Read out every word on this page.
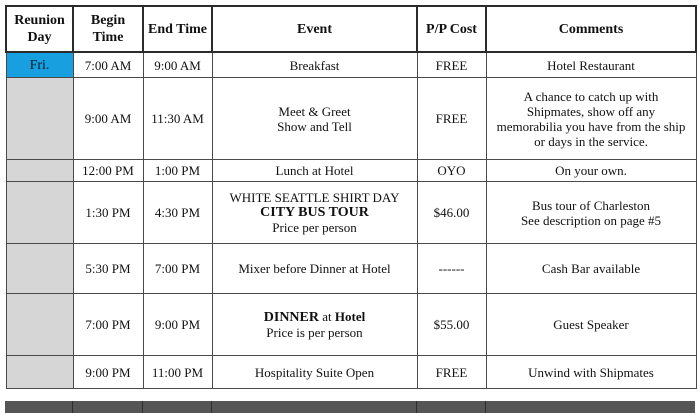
Reunion Day	Begin Time	End Time	Event	P/P Cost	Comments

Fri.	7:00 AM	9:00 AM	Breakfast	FREE	Hotel Restaurant

	9:00 AM	11:30 AM	Meet & Greet
Show and Tell	FREE	A chance to catch up with
Shipmates, show off any
memorabilia you have from the ship
or days in the service.

	12:00 PM	1:00 PM	Lunch at Hotel	OYO	On your own.

	1:30 PM	4:30 PM	WHITE SEATTLE SHIRT DAY
CITY BUS TOUR
Price per person	$46.00	Bus tour of Charleston
See description on page #5

	5:30 PM	7:00 PM	Mixer before Dinner at Hotel	------	Cash Bar available

	7:00 PM	9:00 PM	DINNER at Hotel
Price is per person	$55.00	Guest Speaker

	9:00 PM	11:00 PM	Hospitality Suite Open	FREE	Unwind with Shipmates
